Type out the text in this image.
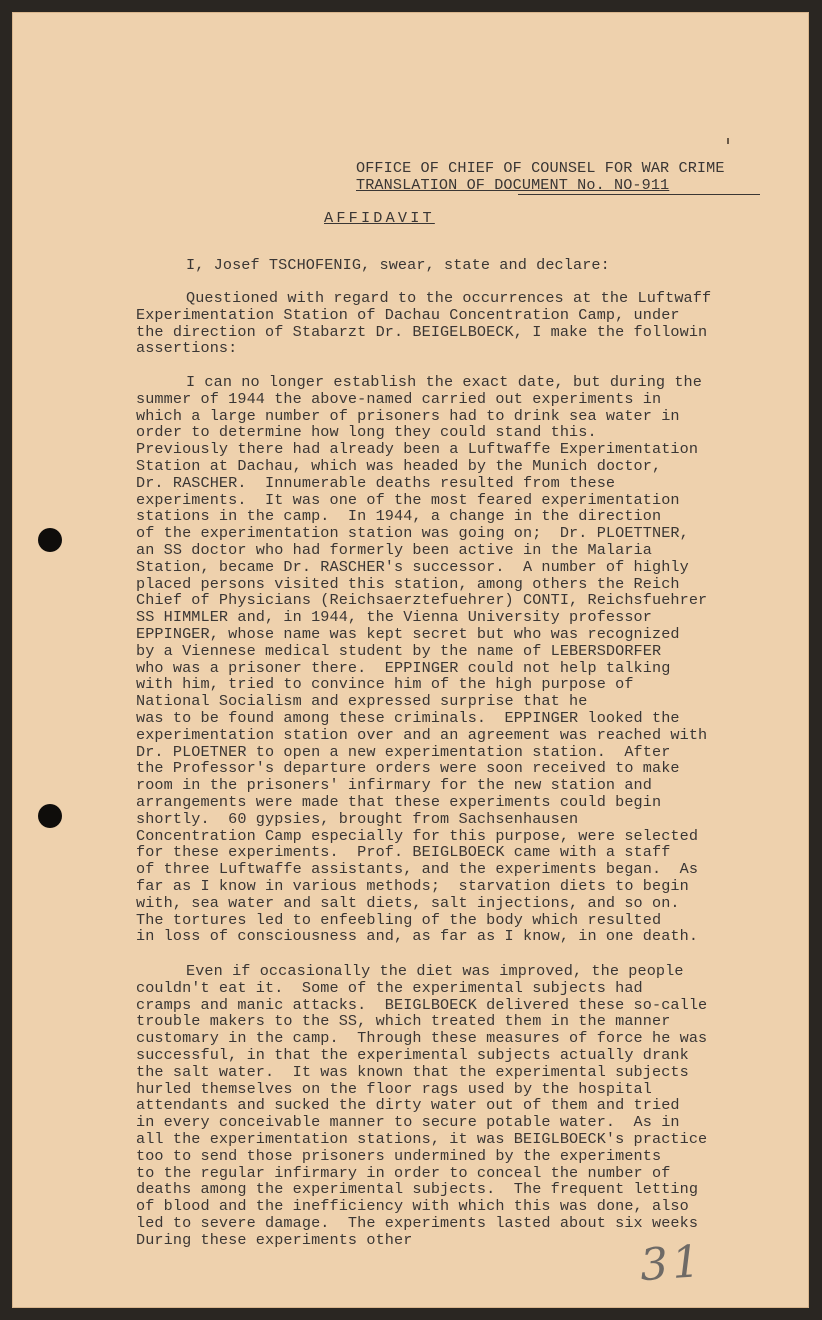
OFFICE OF CHIEF OF COUNSEL FOR WAR CRIME
TRANSLATION OF DOCUMENT No. NO-911
AFFIDAVIT
I, Josef TSCHOFENIG, swear, state and declare:
Questioned with regard to the occurrences at the Luftwaff
Experimentation Station of Dachau Concentration Camp, under
the direction of Stabarzt Dr. BEIGELBOECK, I make the followin
assertions:
I can no longer establish the exact date, but during the
summer of 1944 the above-named carried out experiments in
which a large number of prisoners had to drink sea water in
order to determine how long they could stand this.
Previously there had already been a Luftwaffe Experimentation
Station at Dachau, which was headed by the Munich doctor,
Dr. RASCHER.  Innumerable deaths resulted from these
experiments.  It was one of the most feared experimentation
stations in the camp.  In 1944, a change in the direction
of the experimentation station was going on;  Dr. PLOETTNER,
an SS doctor who had formerly been active in the Malaria
Station, became Dr. RASCHER's successor.  A number of highly
placed persons visited this station, among others the Reich
Chief of Physicians (Reichsaerztefuehrer) CONTI, Reichsfuehrer
SS HIMMLER and, in 1944, the Vienna University professor
EPPINGER, whose name was kept secret but who was recognized
by a Viennese medical student by the name of LEBERSDORFER
who was a prisoner there.  EPPINGER could not help talking
with him, tried to convince him of the high purpose of
National Socialism and expressed surprise that he
was to be found among these criminals.  EPPINGER looked the
experimentation station over and an agreement was reached with
Dr. PLOETNER to open a new experimentation station.  After
the Professor's departure orders were soon received to make
room in the prisoners' infirmary for the new station and
arrangements were made that these experiments could begin
shortly.  60 gypsies, brought from Sachsenhausen
Concentration Camp especially for this purpose, were selected
for these experiments.  Prof. BEIGLBOECK came with a staff
of three Luftwaffe assistants, and the experiments began.  As
far as I know in various methods;  starvation diets to begin
with, sea water and salt diets, salt injections, and so on.
The tortures led to enfeebling of the body which resulted
in loss of consciousness and, as far as I know, in one death.
Even if occasionally the diet was improved, the people
couldn't eat it.  Some of the experimental subjects had
cramps and manic attacks.  BEIGLBOECK delivered these so-calle
trouble makers to the SS, which treated them in the manner
customary in the camp.  Through these measures of force he was
successful, in that the experimental subjects actually drank
the salt water.  It was known that the experimental subjects
hurled themselves on the floor rags used by the hospital
attendants and sucked the dirty water out of them and tried
in every conceivable manner to secure potable water.  As in
all the experimentation stations, it was BEIGLBOECK's practice
too to send those prisoners undermined by the experiments
to the regular infirmary in order to conceal the number of
deaths among the experimental subjects.  The frequent letting
of blood and the inefficiency with which this was done, also
led to severe damage.  The experiments lasted about six weeks
During these experiments other	31
